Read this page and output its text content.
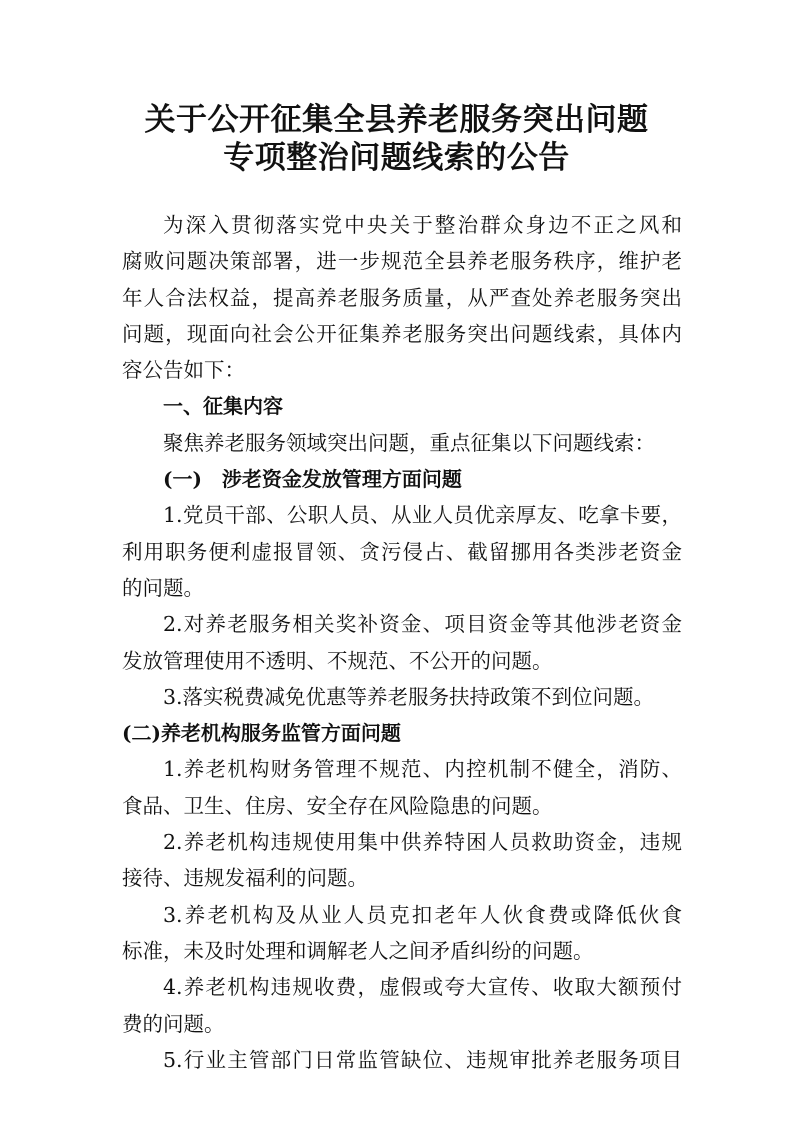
关于公开征集全县养老服务突出问题
专项整治问题线索的公告
为深入贯彻落实党中央关于整治群众身边不正之风和
腐败问题决策部署，进一步规范全县养老服务秩序，维护老
年人合法权益，提高养老服务质量，从严查处养老服务突出
问题，现面向社会公开征集养老服务突出问题线索，具体内
容公告如下：
一、征集内容
聚焦养老服务领域突出问题，重点征集以下问题线索：
(一)　涉老资金发放管理方面问题
1.党员干部、公职人员、从业人员优亲厚友、吃拿卡要，
利用职务便利虚报冒领、贪污侵占、截留挪用各类涉老资金
的问题。
2.对养老服务相关奖补资金、项目资金等其他涉老资金
发放管理使用不透明、不规范、不公开的问题。
3.落实税费减免优惠等养老服务扶持政策不到位问题。
(二)养老机构服务监管方面问题
1.养老机构财务管理不规范、内控机制不健全，消防、
食品、卫生、住房、安全存在风险隐患的问题。
2.养老机构违规使用集中供养特困人员救助资金，违规
接待、违规发福利的问题。
3.养老机构及从业人员克扣老年人伙食费或降低伙食
标准，未及时处理和调解老人之间矛盾纠纷的问题。
4.养老机构违规收费，虚假或夸大宣传、收取大额预付
费的问题。
5.行业主管部门日常监管缺位、违规审批养老服务项目
